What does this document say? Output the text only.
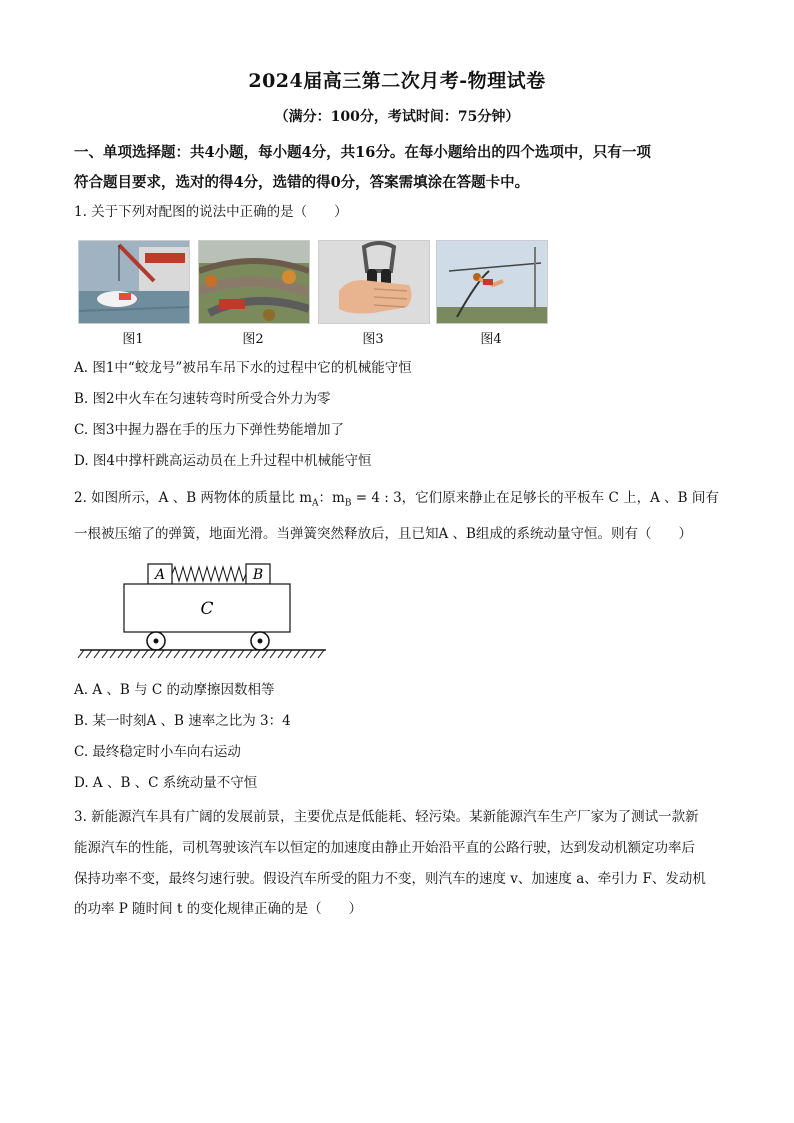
2024届高三第二次月考-物理试卷
（满分：100分，考试时间：75分钟）
一、单项选择题：共4小题，每小题4分，共16分。在每小题给出的四个选项中，只有一项
符合题目要求，选对的得4分，选错的得0分，答案需填涂在答题卡中。
1. 关于下列对配图的说法中正确的是（　　）
图1	图2	图3	图4
A. 图1中“蛟龙号”被吊车吊下水的过程中它的机械能守恒
B. 图2中火车在匀速转弯时所受合外力为零
C. 图3中握力器在手的压力下弹性势能增加了
D. 图4中撑杆跳高运动员在上升过程中机械能守恒
2. 如图所示，A 、B 两物体的质量比 $m_A$：$m_B = 4$ : 3，它们原来静止在足够长的平板车 C 上，A 、B 间有
一根被压缩了的弹簧，地面光滑。当弹簧突然释放后，且已知A 、B组成的系统动量守恒。则有（　　）
A	B
C
A. A 、B 与 C 的动摩擦因数相等
B. 某一时刻A 、B 速率之比为 3：4
C. 最终稳定时小车向右运动
D. A 、B 、C 系统动量不守恒
3. 新能源汽车具有广阔的发展前景，主要优点是低能耗、轻污染。某新能源汽车生产厂家为了测试一款新
能源汽车的性能，司机驾驶该汽车以恒定的加速度由静止开始沿平直的公路行驶，达到发动机额定功率后
保持功率不变，最终匀速行驶。假设汽车所受的阻力不变，则汽车的速度 v、加速度 a、牵引力 F、发动机
的功率 P 随时间 t 的变化规律正确的是（　　）
